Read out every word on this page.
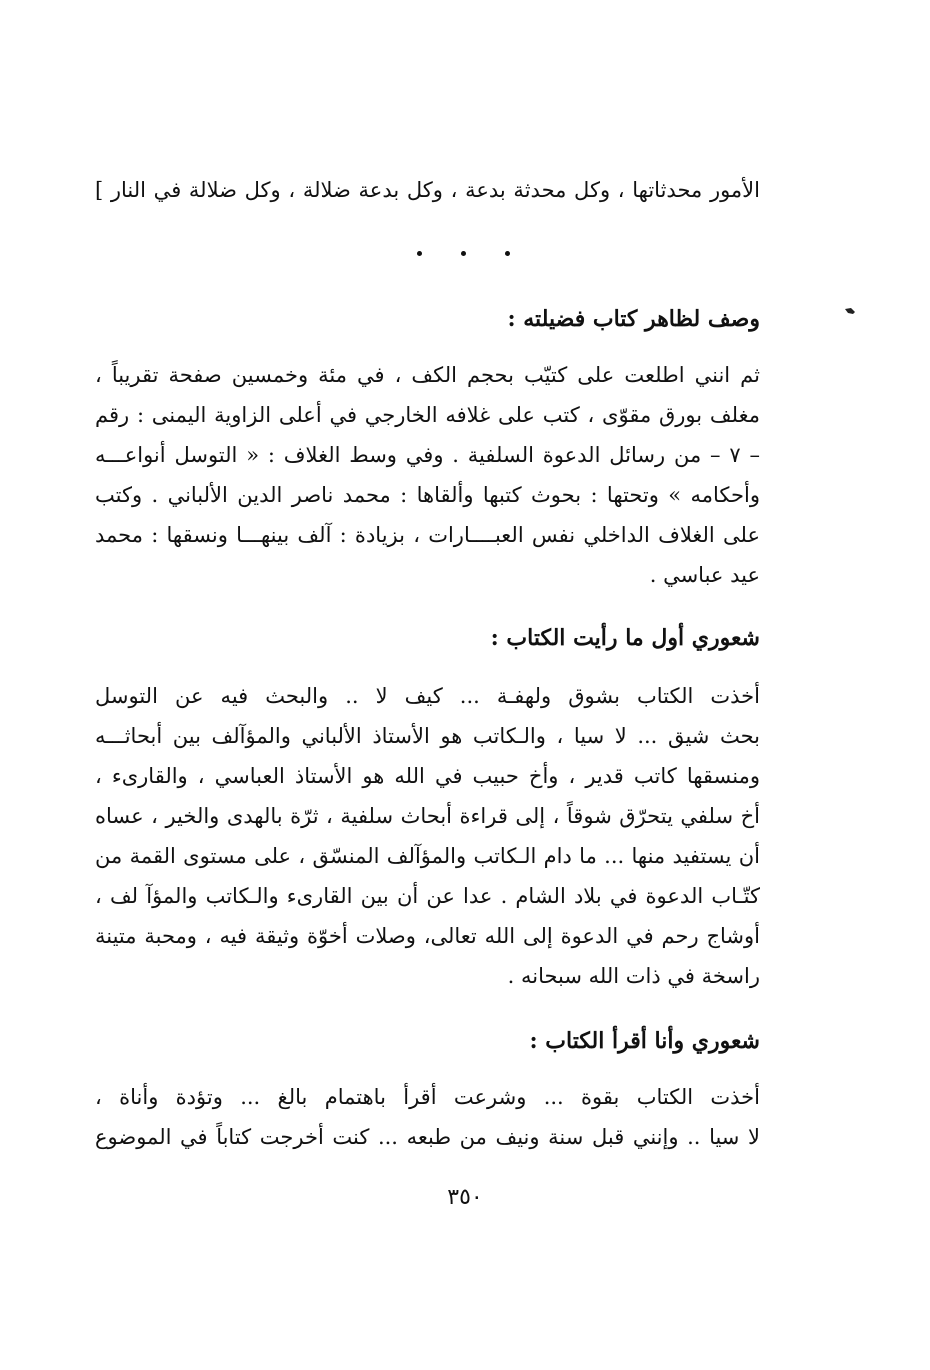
الأمور محدثاتها ، وكل محدثة بدعة ، وكل بدعة ضلالة ، وكل ضلالة في النار ]
وصف لظاهر كتاب فضيلته :
ثم انني اطلعت على كتيّب بحجم الكف ، في مئة وخمسين صفحة تقريباً ،
مغلف بورق مقوّى ، كتب على غلافه الخارجي في أعلى الزاوية اليمنى : رقم
– ٧ – من رسائل الدعوة السلفية . وفي وسط الغلاف : « التوسل أنواعـــه
وأحكامه » وتحتها : بحوث كتبها وألقاها : محمد ناصر الدين الألباني . وكتب
على الغلاف الداخلي نفس العبــــارات ، بزيادة : آلف بينهـــا ونسقها : محمد
عيد عباسي .
شعوري أول ما رأيت الكتاب :
أخذت الكتاب بشوق ولهفـة ... كيف لا .. والبحث فيه عن التوسل
بحث شيق ... لا سيا ، والـكاتب هو الأستاذ الألباني والمؤآلف بين أبحاثـــه
ومنسقها كاتب قدير ، وأخ حبيب في الله هو الأستاذ العباسي ، والقارىء ،
أخ سلفي يتحرّق شوقاً ، إلى قراءة أبحاث سلفية ، ثرّة بالهدى والخير ، عساه
أن يستفيد منها ... ما دام الـكاتب والمؤآلف المنسّق ، على مستوى القمة من
كتّـاب الدعوة في بلاد الشام . عدا عن أن بين القارىء والـكاتب والمؤآ لف ،
أوشاج رحم في الدعوة إلى الله تعالى، وصلات أخوّة وثيقة فيه ، ومحبة متينة
راسخة في ذات الله سبحانه .
شعوري وأنا أقرأ الكتاب :
أخذت الكتاب بقوة ... وشرعت أقرأ باهتمام بالغ ... وتؤدة وأناة ،
لا سيا .. وإنني قبل سنة ونيف من طبعه ... كنت أخرجت كتاباً في الموضوع
٣٥٠
